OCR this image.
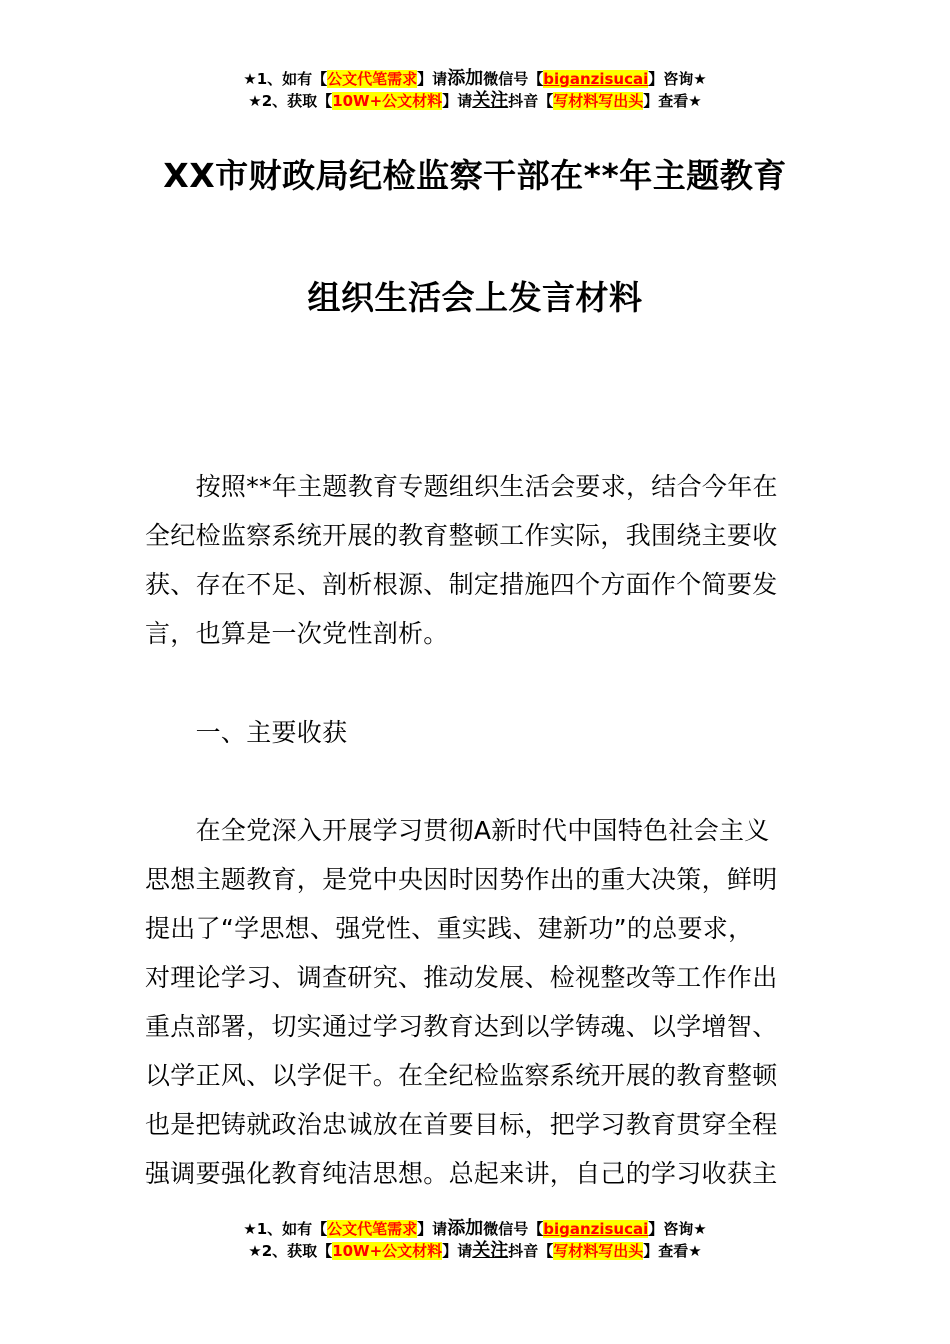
★1、如有【公文代笔需求】请添加微信号【biganzisucai】咨询★
★2、获取【10W+公文材料】请关注抖音【写材料写出头】查看★
XX市财政局纪检监察干部在**年主题教育
组织生活会上发言材料

　　按照**年主题教育专题组织生活会要求，结合今年在
全纪检监察系统开展的教育整顿工作实际，我围绕主要收
获、存在不足、剖析根源、制定措施四个方面作个简要发
言，也算是一次党性剖析。

　　一、主要收获

　　在全党深入开展学习贯彻A新时代中国特色社会主义
思想主题教育，是党中央因时因势作出的重大决策，鲜明
提出了“学思想、强党性、重实践、建新功”的总要求，
对理论学习、调查研究、推动发展、检视整改等工作作出
重点部署，切实通过学习教育达到以学铸魂、以学增智、
以学正风、以学促干。在全纪检监察系统开展的教育整顿
也是把铸就政治忠诚放在首要目标，把学习教育贯穿全程
强调要强化教育纯洁思想。总起来讲，自己的学习收获主

★1、如有【公文代笔需求】请添加微信号【biganzisucai】咨询★
★2、获取【10W+公文材料】请关注抖音【写材料写出头】查看★
